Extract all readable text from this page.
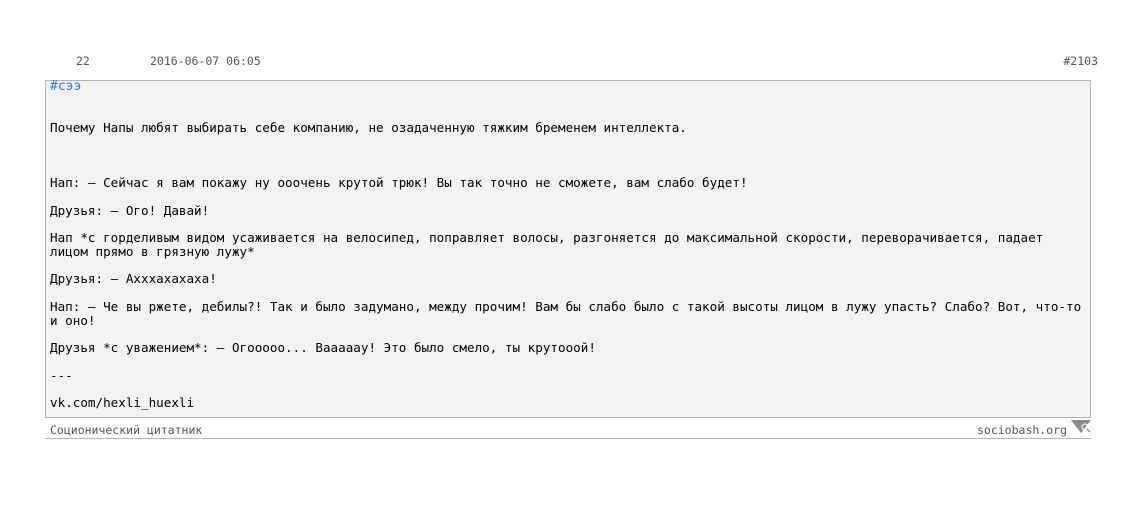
22	2016-06-07 06:05	#2103
#сээ

Почему Напы любят выбирать себе компанию, не озадаченную тяжким бременем интеллекта.

Нап: – Сейчас я вам покажу ну ооочень крутой трюк! Вы так точно не сможете, вам слабо будет!

Друзья: – Ого! Давай!

Нап *с горделивым видом усаживается на велосипед, поправляет волосы, разгоняется до максимальной скорости, переворачивается, падает лицом прямо в грязную лужу*

Друзья: – Ахххахахаха!

Нап: – Че вы ржете, дебилы?! Так и было задумано, между прочим! Вам бы слабо было с такой высоты лицом в лужу упасть? Слабо? Вот, что-то и оно!

Друзья *с уважением*: – Огооооо... Вааааау! Это было смело, ты крутооой!

---

vk.com/hexli_huexli

Соционический цитатник	sociobash.org
